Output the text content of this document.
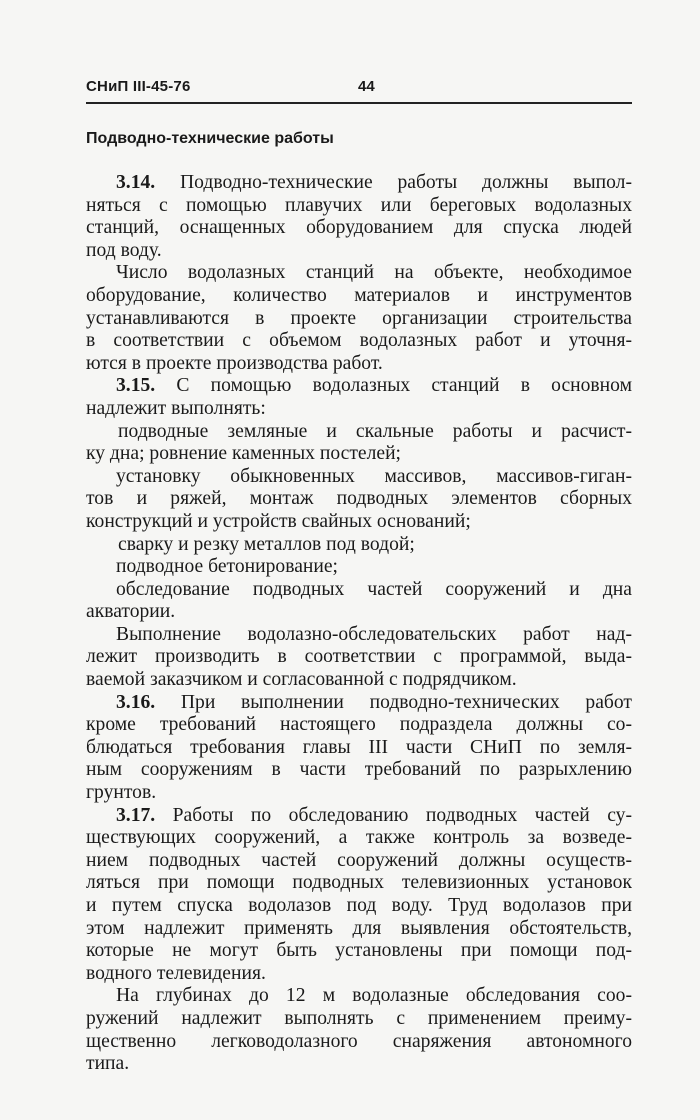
СНиП III-45-76	44
Подводно-технические работы
3.14. Подводно-технические работы должны выпол-
няться с помощью плавучих или береговых водолазных
станций, оснащенных оборудованием для спуска людей
под воду.
Число водолазных станций на объекте, необходимое
оборудование, количество материалов и инструментов
устанавливаются в проекте организации строительства
в соответствии с объемом водолазных работ и уточня-
ются в проекте производства работ.
3.15. С помощью водолазных станций в основном
надлежит выполнять:
подводные земляные и скальные работы и расчист-
ку дна; ровнение каменных постелей;
установку обыкновенных массивов, массивов-гиган-
тов и ряжей, монтаж подводных элементов сборных
конструкций и устройств свайных оснований;
сварку и резку металлов под водой;
подводное бетонирование;
обследование подводных частей сооружений и дна
акватории.
Выполнение водолазно-обследовательских работ над-
лежит производить в соответствии с программой, выда-
ваемой заказчиком и согласованной с подрядчиком.
3.16. При выполнении подводно-технических работ
кроме требований настоящего подраздела должны со-
блюдаться требования главы III части СНиП по земля-
ным сооружениям в части требований по разрыхлению
грунтов.
3.17. Работы по обследованию подводных частей су-
ществующих сооружений, а также контроль за возведе-
нием подводных частей сооружений должны осуществ-
ляться при помощи подводных телевизионных установок
и путем спуска водолазов под воду. Труд водолазов при
этом надлежит применять для выявления обстоятельств,
которые не могут быть установлены при помощи под-
водного телевидения.
На глубинах до 12 м водолазные обследования соо-
ружений надлежит выполнять с применением преиму-
щественно легководолазного снаряжения автономного
типа.
